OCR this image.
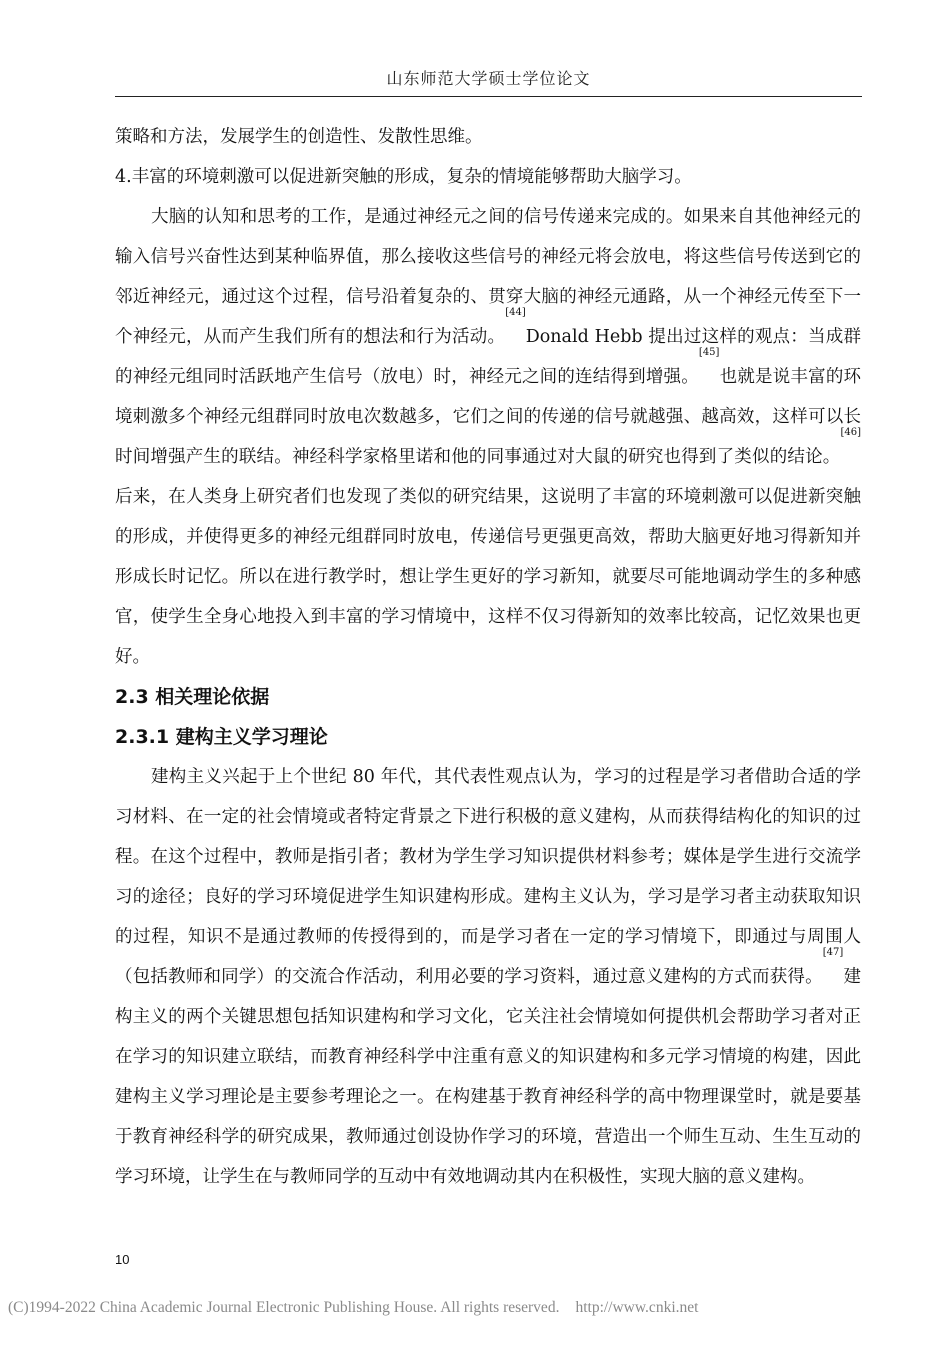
山东师范大学硕士学位论文

策略和方法，发展学生的创造性、发散性思维。

4.丰富的环境刺激可以促进新突触的形成，复杂的情境能够帮助大脑学习。

大脑的认知和思考的工作，是通过神经元之间的信号传递来完成的。如果来自其他神经元的输入信号兴奋性达到某种临界值，那么接收这些信号的神经元将会放电，将这些信号传送到它的邻近神经元，通过这个过程，信号沿着复杂的、贯穿大脑的神经元通路，从一个神经元传至下一个神经元，从而产生我们所有的想法和行为活动。[44]Donald Hebb 提出过这样的观点：当成群的神经元组同时活跃地产生信号（放电）时，神经元之间的连结得到增强。[45]也就是说丰富的环境刺激多个神经元组群同时放电次数越多，它们之间的传递的信号就越强、越高效，这样可以长时间增强产生的联结。神经科学家格里诺和他的同事通过对大鼠的研究也得到了类似的结论。[46]后来，在人类身上研究者们也发现了类似的研究结果，这说明了丰富的环境刺激可以促进新突触的形成，并使得更多的神经元组群同时放电，传递信号更强更高效，帮助大脑更好地习得新知并形成长时记忆。所以在进行教学时，想让学生更好的学习新知，就要尽可能地调动学生的多种感官，使学生全身心地投入到丰富的学习情境中，这样不仅习得新知的效率比较高，记忆效果也更好。

2.3 相关理论依据
2.3.1 建构主义学习理论

建构主义兴起于上个世纪 80 年代，其代表性观点认为，学习的过程是学习者借助合适的学习材料、在一定的社会情境或者特定背景之下进行积极的意义建构，从而获得结构化的知识的过程。在这个过程中，教师是指引者；教材为学生学习知识提供材料参考；媒体是学生进行交流学习的途径；良好的学习环境促进学生知识建构形成。建构主义认为，学习是学习者主动获取知识的过程，知识不是通过教师的传授得到的，而是学习者在一定的学习情境下，即通过与周围人（包括教师和同学）的交流合作活动，利用必要的学习资料，通过意义建构的方式而获得。[47]建构主义的两个关键思想包括知识建构和学习文化，它关注社会情境如何提供机会帮助学习者对正在学习的知识建立联结，而教育神经科学中注重有意义的知识建构和多元学习情境的构建，因此建构主义学习理论是主要参考理论之一。在构建基于教育神经科学的高中物理课堂时，就是要基于教育神经科学的研究成果，教师通过创设协作学习的环境，营造出一个师生互动、生生互动的学习环境，让学生在与教师同学的互动中有效地调动其内在积极性，实现大脑的意义建构。

10
(C)1994-2022 China Academic Journal Electronic Publishing House. All rights reserved. http://www.cnki.net
